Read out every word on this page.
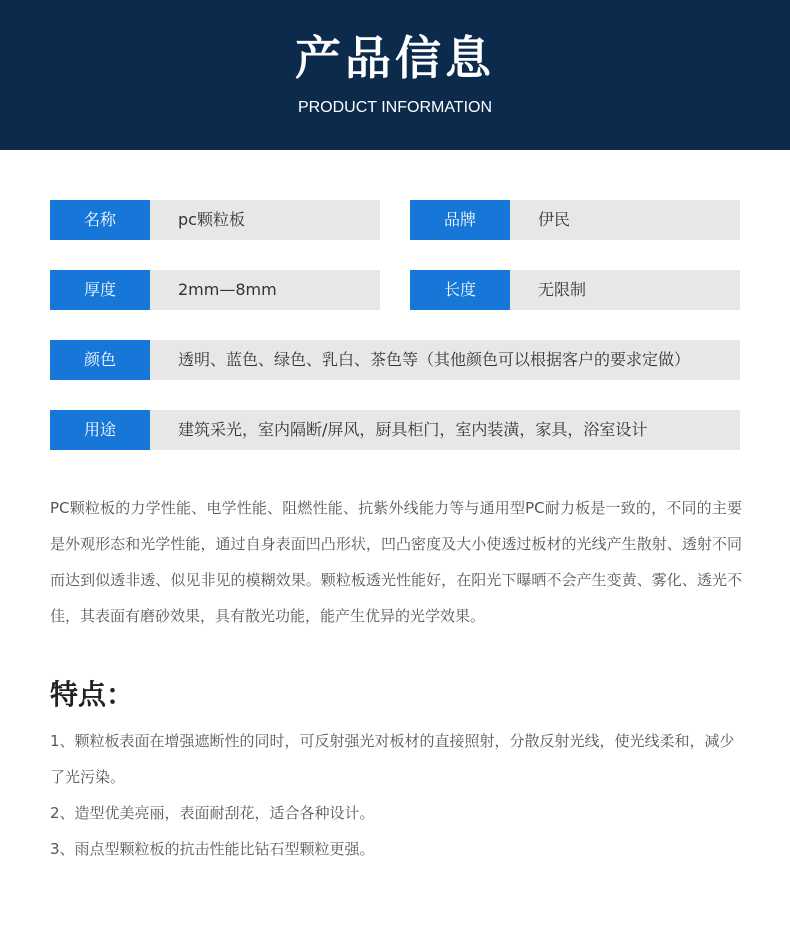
产品信息
PRODUCT INFORMATION
名称	pc颗粒板	品牌	伊民
厚度	2mm—8mm	长度	无限制
颜色	透明、蓝色、绿色、乳白、茶色等（其他颜色可以根据客户的要求定做）
用途	建筑采光，室内隔断/屏风，厨具柜门，室内装潢，家具，浴室设计
PC颗粒板的力学性能、电学性能、阻燃性能、抗紫外线能力等与通用型PC耐力板是一致的，不同的主要是外观形态和光学性能，通过自身表面凹凸形状，凹凸密度及大小使透过板材的光线产生散射、透射不同而达到似透非透、似见非见的模糊效果。颗粒板透光性能好，在阳光下曝晒不会产生变黄、雾化、透光不佳，其表面有磨砂效果，具有散光功能，能产生优异的光学效果。
特点：

1、颗粒板表面在增强遮断性的同时，可反射强光对板材的直接照射，分散反射光线，使光线柔和，减少了光污染。

2、造型优美亮丽，表面耐刮花，适合各种设计。

3、雨点型颗粒板的抗击性能比钻石型颗粒更强。
